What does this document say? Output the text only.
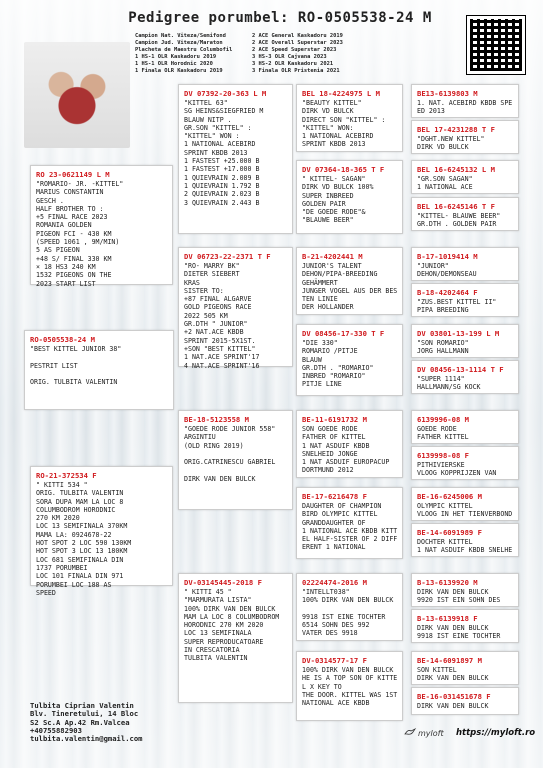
Pedigree porumbel: RO-0505538-24 M
Campion Nat. Viteza/Semifond
Campion Jud. Viteza/Maraton
Placheta de Maestru Columbofil
1 HS-1 OLR Kaskadoru 2019
1 HS-1 OLR Horodnic 2020
1 Finala OLR Kaskadoru 2019
2 ACE General Kaskadoru 2019
2 ACE Overall Superstar 2023
2 ACE Speed Superstar 2023
3 HS-3 OLR Cajvana 2023
3 HS-2 OLR Kaskadoru 2021
3 Finala OLR Pristenia 2021
RO 23-0621149 L M
"ROMARIO- JR. -KITTEL"
MARIUS CONSTANTIN
GESCH .
HALF BROTHER TO :
+5 FINAL RACE 2023
ROMANIA GOLDEN
PIGEON FCI - 430 KM
(SPEED 1061 , 9M/MIN)
5 AS PIGEON
+48 S/ FINAL 330 KM
× 18 HS3 240 KM
1532 PIGEONS ON THE
2023 START LIST
RO-0505538-24 M
"BEST KITTEL JUNIOR 38"

PESTRIT LIST

ORIG. TULBITA VALENTIN
RO-21-372534 F
" KITTI 534 "
ORIG. TULBITA VALENTIN
SORA DUPA MAM LA LOC 8
COLUMBODROM HORODNIC
270 KM 2020
LOC 13 SEMIFINALA 370KM
MAMA LA: 0924678-22
HOT SPOT 2 LOC 590 130KM
HOT SPOT 3 LOC 13 180KM
LOC 681 SEMIFINALA DIN
1737 PORUMBEI
LOC 101 FINALA DIN 971
PORUMBEI LOC 188 AS
SPEED
DV 07392-20-363 L M
"KITTEL 63"
SG HEINS&SIEGFRIED M
BLAUW NITP .
GR.SON "KITTEL" :
"KITTEL" WON :
1 NATIONAL ACEBIRD
SPRINT KBDB 2013
1 FASTEST +25.000 B
1 FASTEST +17.000 B
1 QUIEVRAIN 2.089 B
1 QUIEVRAIN 1.792 B
2 QUIEVRAIN 2.023 B
3 QUIEVRAIN 2.443 B
DV 06723-22-2371 T F
"RO- MARRY BK"
DIETER SIEBERT
KRAS
SISTER TO:
+87 FINAL ALGARVE
GOLD PIGEONS RACE
2022 505 KM
GR.DTH " JUNIOR"
+2 NAT.ACE KBDB
SPRINT 2015-5X1ST.
+SON "BEST KITTEL"
1 NAT.ACE SPRINT'17
4 NAT.ACE SPRINT'16
BE-18-5123558 M
"GOEDE RODE JUNIOR 558"
ARGINTIU
(OLD RING 2019)

ORIG.CATRINESCU GABRIEL

DIRK VAN DEN BULCK
DV-03145445-2018 F
" KITTI 45 "
"MARMURATA LISTA"
100% DIRK VAN DEN BULCK
MAM LA LOC 8 COLUMBODROM
HORODNIC 270 KM 2020
LOC 13 SEMIFINALA
SUPER REPRODUCATOARE
IN CRESCATORIA
TULBITA VALENTIN
BEL 18-4224975 L M
"BEAUTY KITTEL"
DIRK VD BULCK
DIRECT SON "KITTEL" :
"KITTEL" WON:
1 NATIONAL ACEBIRD
SPRINT KBDB 2013
DV 07364-18-365 T F
" KITTEL- SAGAN"
DIRK VD BULCK 100%
SUPER INBREED
GOLDEN PAIR
"DE GOEDE RODE"&
"BLAUWE BEER"
B-21-4202441 M
JUNIOR'S TALENT
DEHON/PIPA-BREEDING
GEHÄMMERT
JUNGER VOGEL AUS DER BES
TEN LINIE
DER HOLLANDER
DV 08456-17-330 T F
"DIE 330"
ROMARIO /PITJE
BLAUW
GR.DTH . "ROMARIO"
INBRED "ROMARIO"
PITJE LINE
BE-11-6191732 M
SON GOEDE RODE
FATHER OF KITTEL
1 NAT ASDUIF KBDB
SNELHEID JONGE
1 NAT ASDUIF EUROPACUP
DORTMUND 2012
BE-17-6216478 F
DAUGHTER OF CHAMPION
BIRD OLYMPIC KITTEL
GRANDDAUGHTER OF
1 NATIONAL ACE KBDB KITT
EL HALF-SISTER OF 2 DIFF
ERENT 1 NATIONAL
02224474-2016 M
"INTELLT038"
100% DIRK VAN DEN BULCK

9918 IST EINE TOCHTER
6514 SOHN DES 992
VATER DES 9918
DV-0314577-17 F
100% DIRK VAN DEN BULCK
HE IS A TOP SON OF KITTE
L X KEY TO
THE DOOR. KITTEL WAS 1ST
NATIONAL ACE KBDB
BE13-6139803 M
1. NAT. ACEBIRD KBDB SPE
ED 2013
BEL 17-4231288 T F
"DGHT.NEW KITTEL"
DIRK VD BULCK
BEL 16-6245132 L M
"GR.SON SAGAN"
1 NATIONAL ACE
BEL 16-6245146 T F
"KITTEL- BLAUWE BEER"
GR.DTH . GOLDEN PAIR
B-17-1019414 M
"JUNIOR"
DEHON/DEMONSEAU
B-18-4202464 F
"ZUS.BEST KITTEL II"
PIPA BREEDING
DV 03801-13-199 L M
"SON ROMARIO"
JORG HALLMANN
DV 08456-13-1114 T F
"SUPER 1114"
HALLMANN/SG KOCK
6139996-08 M
GOEDE RODE
FATHER KITTEL
6139998-08 F
PITHIVIERSKE
VLOOG KOPPRIJZEN VAN
BE-16-6245006 M
OLYMPIC KITTEL
VLOOG IN HET TIENVERBOND
BE-14-6091989 F
DOCHTER KITTEL
1 NAT ASDUIF KBDB SNELHE
B-13-6139920 M
DIRK VAN DEN BULCK
9920 IST EIN SOHN DES
B-13-6139918 F
DIRK VAN DEN BULCK
9918 IST EINE TOCHTER
BE-14-6091897 M
SON KITTEL
DIRK VAN DEN BULCK
BE-16-031451678 F
DIRK VAN DEN BULCK
Tulbita Ciprian Valentin
Blv. Tineretului, 14 Bloc
S2 Sc.A Ap.42 Rm.Valcea
+40755882903
tulbita.valentin@gmail.com
myloft https://myloft.ro
